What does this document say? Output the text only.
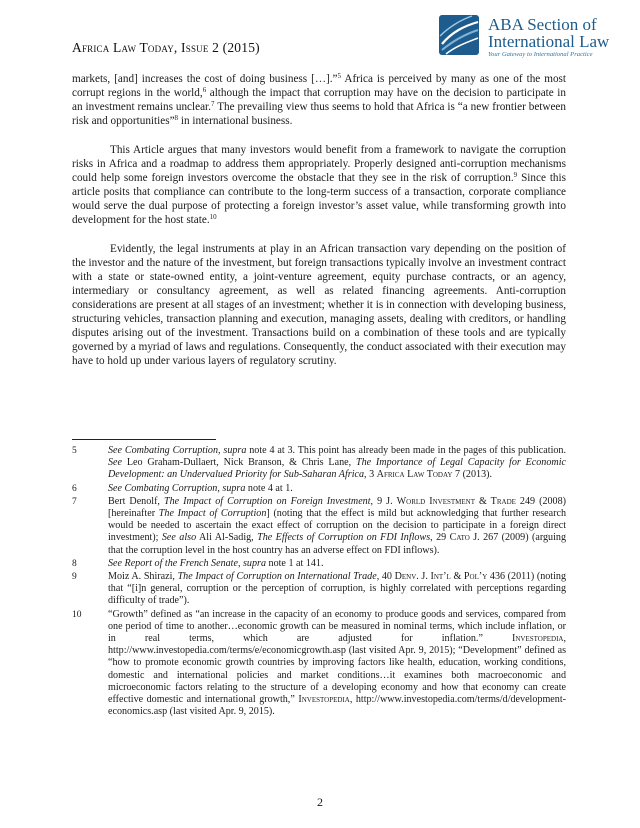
Africa Law Today, Issue 2 (2015)
ABA Section of
International Law
Your Gateway to International Practice

markets, [and] increases the cost of doing business […].”$^5$ Africa is perceived by many as one of the most corrupt regions in the world,$^6$ although the impact that corruption may have on the decision to participate in an investment remains unclear.$^7$ The prevailing view thus seems to hold that Africa is “a new frontier between risk and opportunities”$^8$ in international business.

This Article argues that many investors would benefit from a framework to navigate the corruption risks in Africa and a roadmap to address them appropriately. Properly designed anti-corruption mechanisms could help some foreign investors overcome the obstacle that they see in the risk of corruption.$^9$ Since this article posits that compliance can contribute to the long-term success of a transaction, corporate compliance would serve the dual purpose of protecting a foreign investor’s asset value, while transforming growth into development for the host state.$^{10}$

Evidently, the legal instruments at play in an African transaction vary depending on the position of the investor and the nature of the investment, but foreign transactions typically involve an investment contract with a state or state-owned entity, a joint-venture agreement, equity purchase contracts, or an agency, intermediary or consultancy agreement, as well as related financing agreements. Anti-corruption considerations are present at all stages of an investment; whether it is in connection with developing business, structuring vehicles, transaction planning and execution, managing assets, dealing with creditors, or handling disputes arising out of the investment. Transactions build on a combination of these tools and are typically governed by a myriad of laws and regulations. Consequently, the conduct associated with their execution may have to hold up under various layers of regulatory scrutiny.

5	See Combating Corruption, supra note 4 at 3. This point has already been made in the pages of this publication. See Leo Graham-Dullaert, Nick Branson, & Chris Lane, The Importance of Legal Capacity for Economic Development: an Undervalued Priority for Sub-Saharan Africa, 3 Africa Law Today 7 (2013).
6	See Combating Corruption, supra note 4 at 1.
7	Bert Denolf, The Impact of Corruption on Foreign Investment, 9 J. World Investment & Trade 249 (2008) [hereinafter The Impact of Corruption] (noting that the effect is mild but acknowledging that further research would be needed to ascertain the exact effect of corruption on the decision to participate in a foreign direct investment); See also Ali Al-Sadig, The Effects of Corruption on FDI Inflows, 29 Cato J. 267 (2009) (arguing that the corruption level in the host country has an adverse effect on FDI inflows).
8	See Report of the French Senate, supra note 1 at 141.
9	Moiz A. Shirazi, The Impact of Corruption on International Trade, 40 Denv. J. Int’l & Pol’y 436 (2011) (noting that “[i]n general, corruption or the perception of corruption, is highly correlated with perceptions regarding difficulty of trade”).
10	“Growth” defined as “an increase in the capacity of an economy to produce goods and services, compared from one period of time to another…economic growth can be measured in nominal terms, which include inflation, or in real terms, which are adjusted for inflation.” Investopedia, http://www.investopedia.com/terms/e/economicgrowth.asp (last visited Apr. 9, 2015); “Development” defined as “how to promote economic growth countries by improving factors like health, education, working conditions, domestic and international policies and market conditions…it examines both macroeconomic and microeconomic factors relating to the structure of a developing economy and how that economy can create effective domestic and international growth,” Investopedia, http://www.investopedia.com/terms/d/development-economics.asp (last visited Apr. 9, 2015).
2
